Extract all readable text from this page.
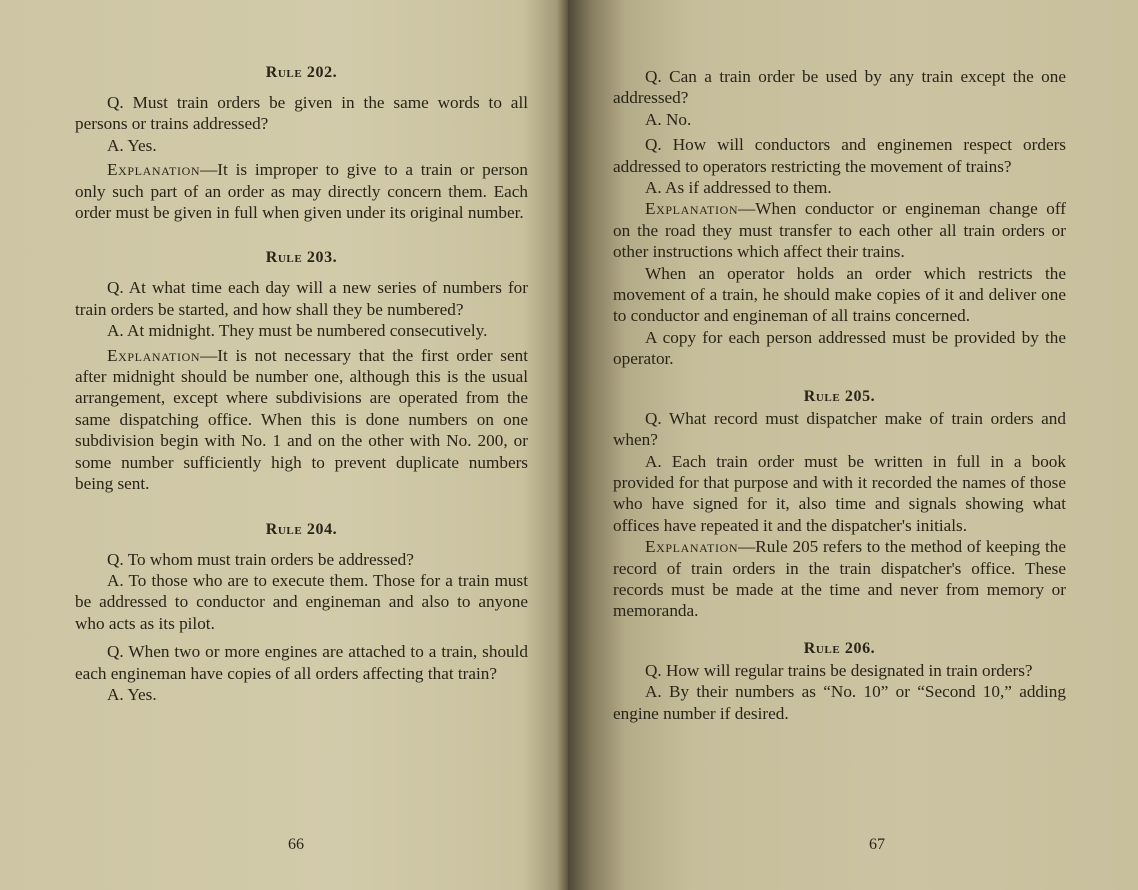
Rule 202.

Q. Must train orders be given in the same words to all persons or trains addressed?

A. Yes.

Explanation—It is improper to give to a train or person only such part of an order as may directly concern them. Each order must be given in full when given under its original number.

Rule 203.

Q. At what time each day will a new series of numbers for train orders be started, and how shall they be numbered?

A. At midnight. They must be numbered consecutively.

Explanation—It is not necessary that the first order sent after midnight should be number one, although this is the usual arrangement, except where subdivisions are operated from the same dispatching office. When this is done numbers on one subdivision begin with No. 1 and on the other with No. 200, or some number sufficiently high to prevent duplicate numbers being sent.

Rule 204.

Q. To whom must train orders be addressed?

A. To those who are to execute them. Those for a train must be addressed to conductor and engineman and also to anyone who acts as its pilot.

Q. When two or more engines are attached to a train, should each engineman have copies of all orders affecting that train?

A. Yes.

66

Q. Can a train order be used by any train except the one addressed?

A. No.

Q. How will conductors and enginemen respect orders addressed to operators restricting the movement of trains?

A. As if addressed to them.

Explanation—When conductor or engineman change off on the road they must transfer to each other all train orders or other instructions which affect their trains.

When an operator holds an order which restricts the movement of a train, he should make copies of it and deliver one to conductor and engineman of all trains concerned.

A copy for each person addressed must be provided by the operator.

Rule 205.

Q. What record must dispatcher make of train orders and when?

A. Each train order must be written in full in a book provided for that purpose and with it recorded the names of those who have signed for it, also time and signals showing what offices have repeated it and the dispatcher's initials.

Explanation—Rule 205 refers to the method of keeping the record of train orders in the train dispatcher's office. These records must be made at the time and never from memory or memoranda.

Rule 206.

Q. How will regular trains be designated in train orders?

A. By their numbers as “No. 10” or “Second 10,” adding engine number if desired.

67
